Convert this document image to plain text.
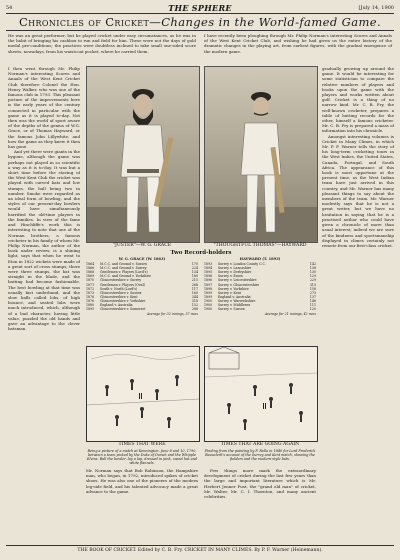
54	THE SPHERE	[July 14, 1900
Chronicles of Cricket—Changes in the World-famed Game.

He was an great performer, but he played cricket under easy circumstances, as he was in the habit of bringing his cashbox to run and field for him. These were not the days of gold medal pre-conditions; the practices were doubtless inclined to take small one-sided score sheets, nowadays, from his waistcoat pocket, where he carried them.

I have recently been ploughing through Mr. Philip Norman's interesting Scores and Annals of the West Kent Cricket Club, and wishing he had given us the entire history of the dramatic changes in the playing art, from earliest figures, with the gradual emergence of the modern game.

I then went through Mr. Philip Norman's interesting Scores and Annals of the West Kent Cricket Club therefore Colonel the Hon. Henry Walker, who was one of the famous club in 1793. This pleasant picture of the improvements here is the early years of the century connected in particular with the game as it is played to-day. Not then was the world of sport aware of the depths of the genius of W.G. Grace, or of Thomas Hayward, or the famous John Lillywhite, and how the game as they knew it then has gone.

And yet there were giants in the bygone, although the game was perhaps not played in so scientific a way as it is to-day. It was but a short time before the staving of the West Kent Club the cricket was played with curved bats and low stumps, the ball being two in number. Smoke were regarded as an ideal form of bowling, and the styles of our present-day bowlers would have simultaneously horrified the old-time players in the families. In view of the fame and Hinchliffe's work this is interesting to note that one of the Norman brothers, a famous cricketer in his family of whom Mr. Philip Norman, the author of the book under review, is a shining light, says that when he went to Eton in 1822 wickets were made of a great sort of cross stumps; there were three stumps, the bat was straight in the blade, and the batting had become fashionable. The best bowling at that time was usually fast underhand, and the slow balls called lobs, of high bounce, and seated lobs were much introduced, which, although of a bad character, having little value, puzzled the old hands and gave an advantage to the clever batsman.

"JUSTER"—W. G. GRACE	"THOUGHTFUL THOMAS"—HAYWARD
Two Record-holders
W. G. GRACE (W. 1863)
1864	M.C.C. and Ground v. Sussex	170
1866	M.C.C. and Ground v. Surrey	224
1868	Gentlemen v. Players (Lord's)	134
1869	M.C.C. and Ground v. Yorkshire	180
1870	Gloucestershire v. Surrey	215
1871	Gentlemen v. Players (Oval)	268
1872	South v. North (Lord's)	117
1873	Gloucestershire v. Sussex	160
1876	Gloucestershire v. Kent	344
1876	Gloucestershire v. Yorkshire	318
1880	England v. Australia	152
1895	Gloucestershire v. Somerset	288
Average for 32 innings, 57 runs
HAYWARD (T. 1893)
1893	Surrey v. London County C.C.	142
1894	Surrey v. Lancashire	138
1895	Surrey v. Derbyshire	130
1896	Surrey v. Essex	129
1896	Surrey v. Leicestershire	229
1897	Surrey v. Gloucestershire	315
1898	Surrey v. Yorkshire	158
1899	Surrey v. Kent	273
1899	England v. Australia	137
1900	Surrey v. Warwickshire	146
1900	Surrey v. Middlesex	111
1900	Surrey v. Sussex	120
Average for 21 innings, 42 runs
TIMES THAT WERE	TIMES THAT ARE GOING AGAIN
Being a picture of a match at Kennington, June 8 and 10, 1790, between a team picked by the Duke of Dorset and the Whipple Elvins. Ball the bowler, lay a lap, dressed in pink, sweet hat and white flannels.
Finding from the painting by F. Rolla in 1840 for Lord Frederick Beauclerk's account of the Surrey and Kent match, showing the fielders and the modern-style bats.

Mr. Norman says that Bob Robinson, the Hampshire man, who began, in 1792, introduced spikes of cricket shoes. He was also one of the pioneers of the modern leg-side field, and his talented advocacy made a great advance to the game.

Few things more mark the extraordinary development of cricket during the last few years than the large and important literature which is Mr. Herbert Jenner Fust, the "grand old man" of cricket, Mr. Walter, Mr. C. I. Thornton, and many ancient celebrities.

gradually growing up around the game. It would be interesting for some statistician to compare the relative numbers of players and books upon the game with the players and works written about golf. Cricket is a thing of no narrow kind. Mr. C. B. Fry, the well-known cricketer, prepares a table of batting records for the other, himself a famous cricketer. Mr. C. B. Fry is prepared a mass of information into his chronicle.

Amongst interesting volumes is Cricket in Many Climes, in which Mr. P. F. Warner tells the story of his long-term cricketing tours in the West Indies, the United States, Canada, Portugal, and South Africa. The appearance of this book is most opportune at the present time, as the West Indian team have just arrived in this country, and Mr. Warner has many pleasant things to say about the members of the team. Mr. Warner modestly says that he is not a great writer, but we have no hesitation in saying that he is a practised author who could have given a chronicle of more than usual interest; indeed we are sure of the kindness and sportsmanship displayed in climes certainly not remote from our first-class cricket.

THE BOOK OF CRICKET. Edited by C. B. Fry. CRICKET IN MANY CLIMES. By P. F. Warner (Heinemann).
